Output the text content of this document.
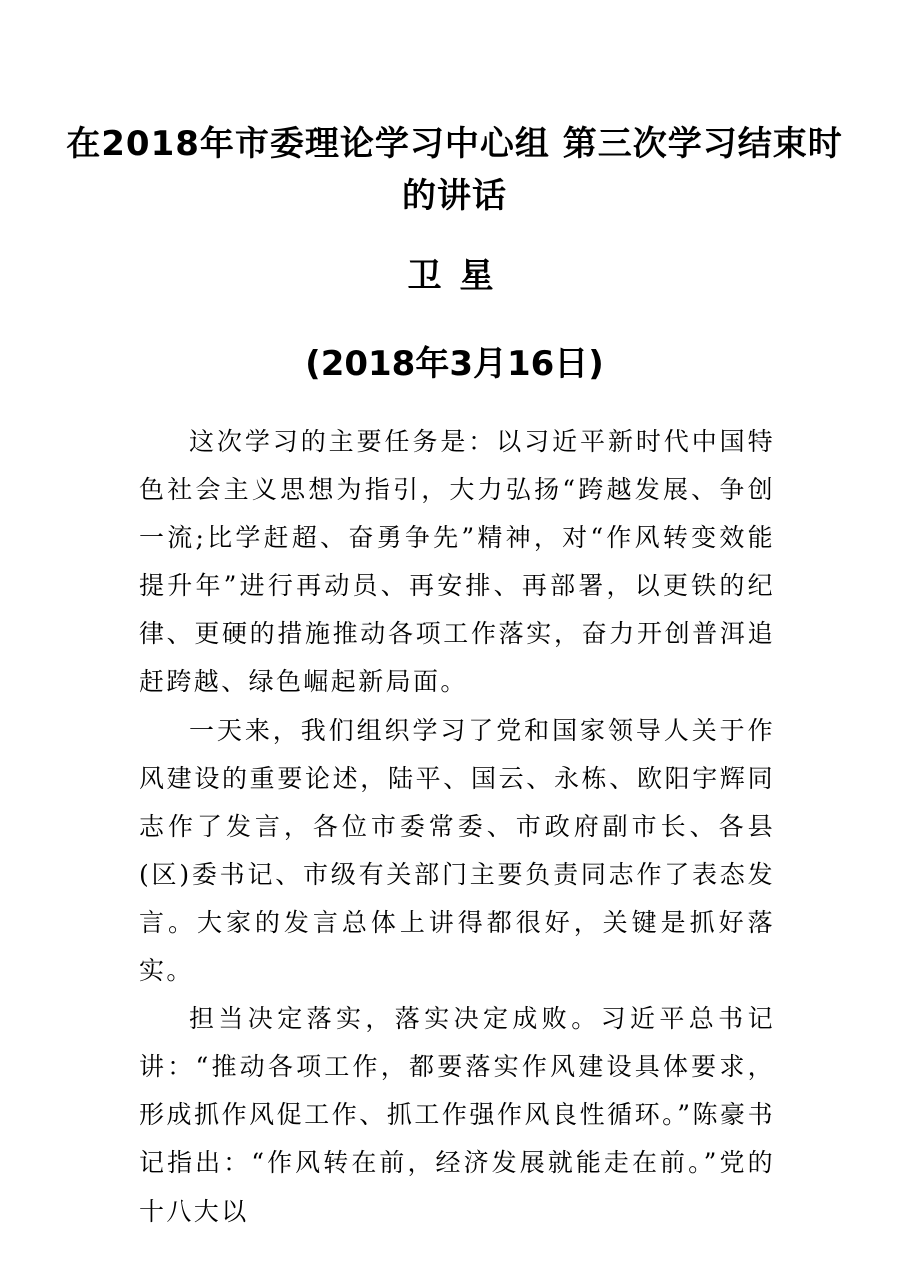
在2018年市委理论学习中心组 第三次学习结束时的讲话
卫星
(2018年3月16日)

这次学习的主要任务是：以习近平新时代中国特色社会主义思想为指引，大力弘扬“跨越发展、争创一流;比学赶超、奋勇争先”精神，对“作风转变效能提升年”进行再动员、再安排、再部署，以更铁的纪律、更硬的措施推动各项工作落实，奋力开创普洱追赶跨越、绿色崛起新局面。

一天来，我们组织学习了党和国家领导人关于作风建设的重要论述，陆平、国云、永栋、欧阳宇辉同志作了发言，各位市委常委、市政府副市长、各县(区)委书记、市级有关部门主要负责同志作了表态发言。大家的发言总体上讲得都很好，关键是抓好落实。

担当决定落实，落实决定成败。习近平总书记讲：“推动各项工作，都要落实作风建设具体要求，形成抓作风促工作、抓工作强作风良性循环。”陈豪书记指出：“作风转在前，经济发展就能走在前。”党的十八大以
